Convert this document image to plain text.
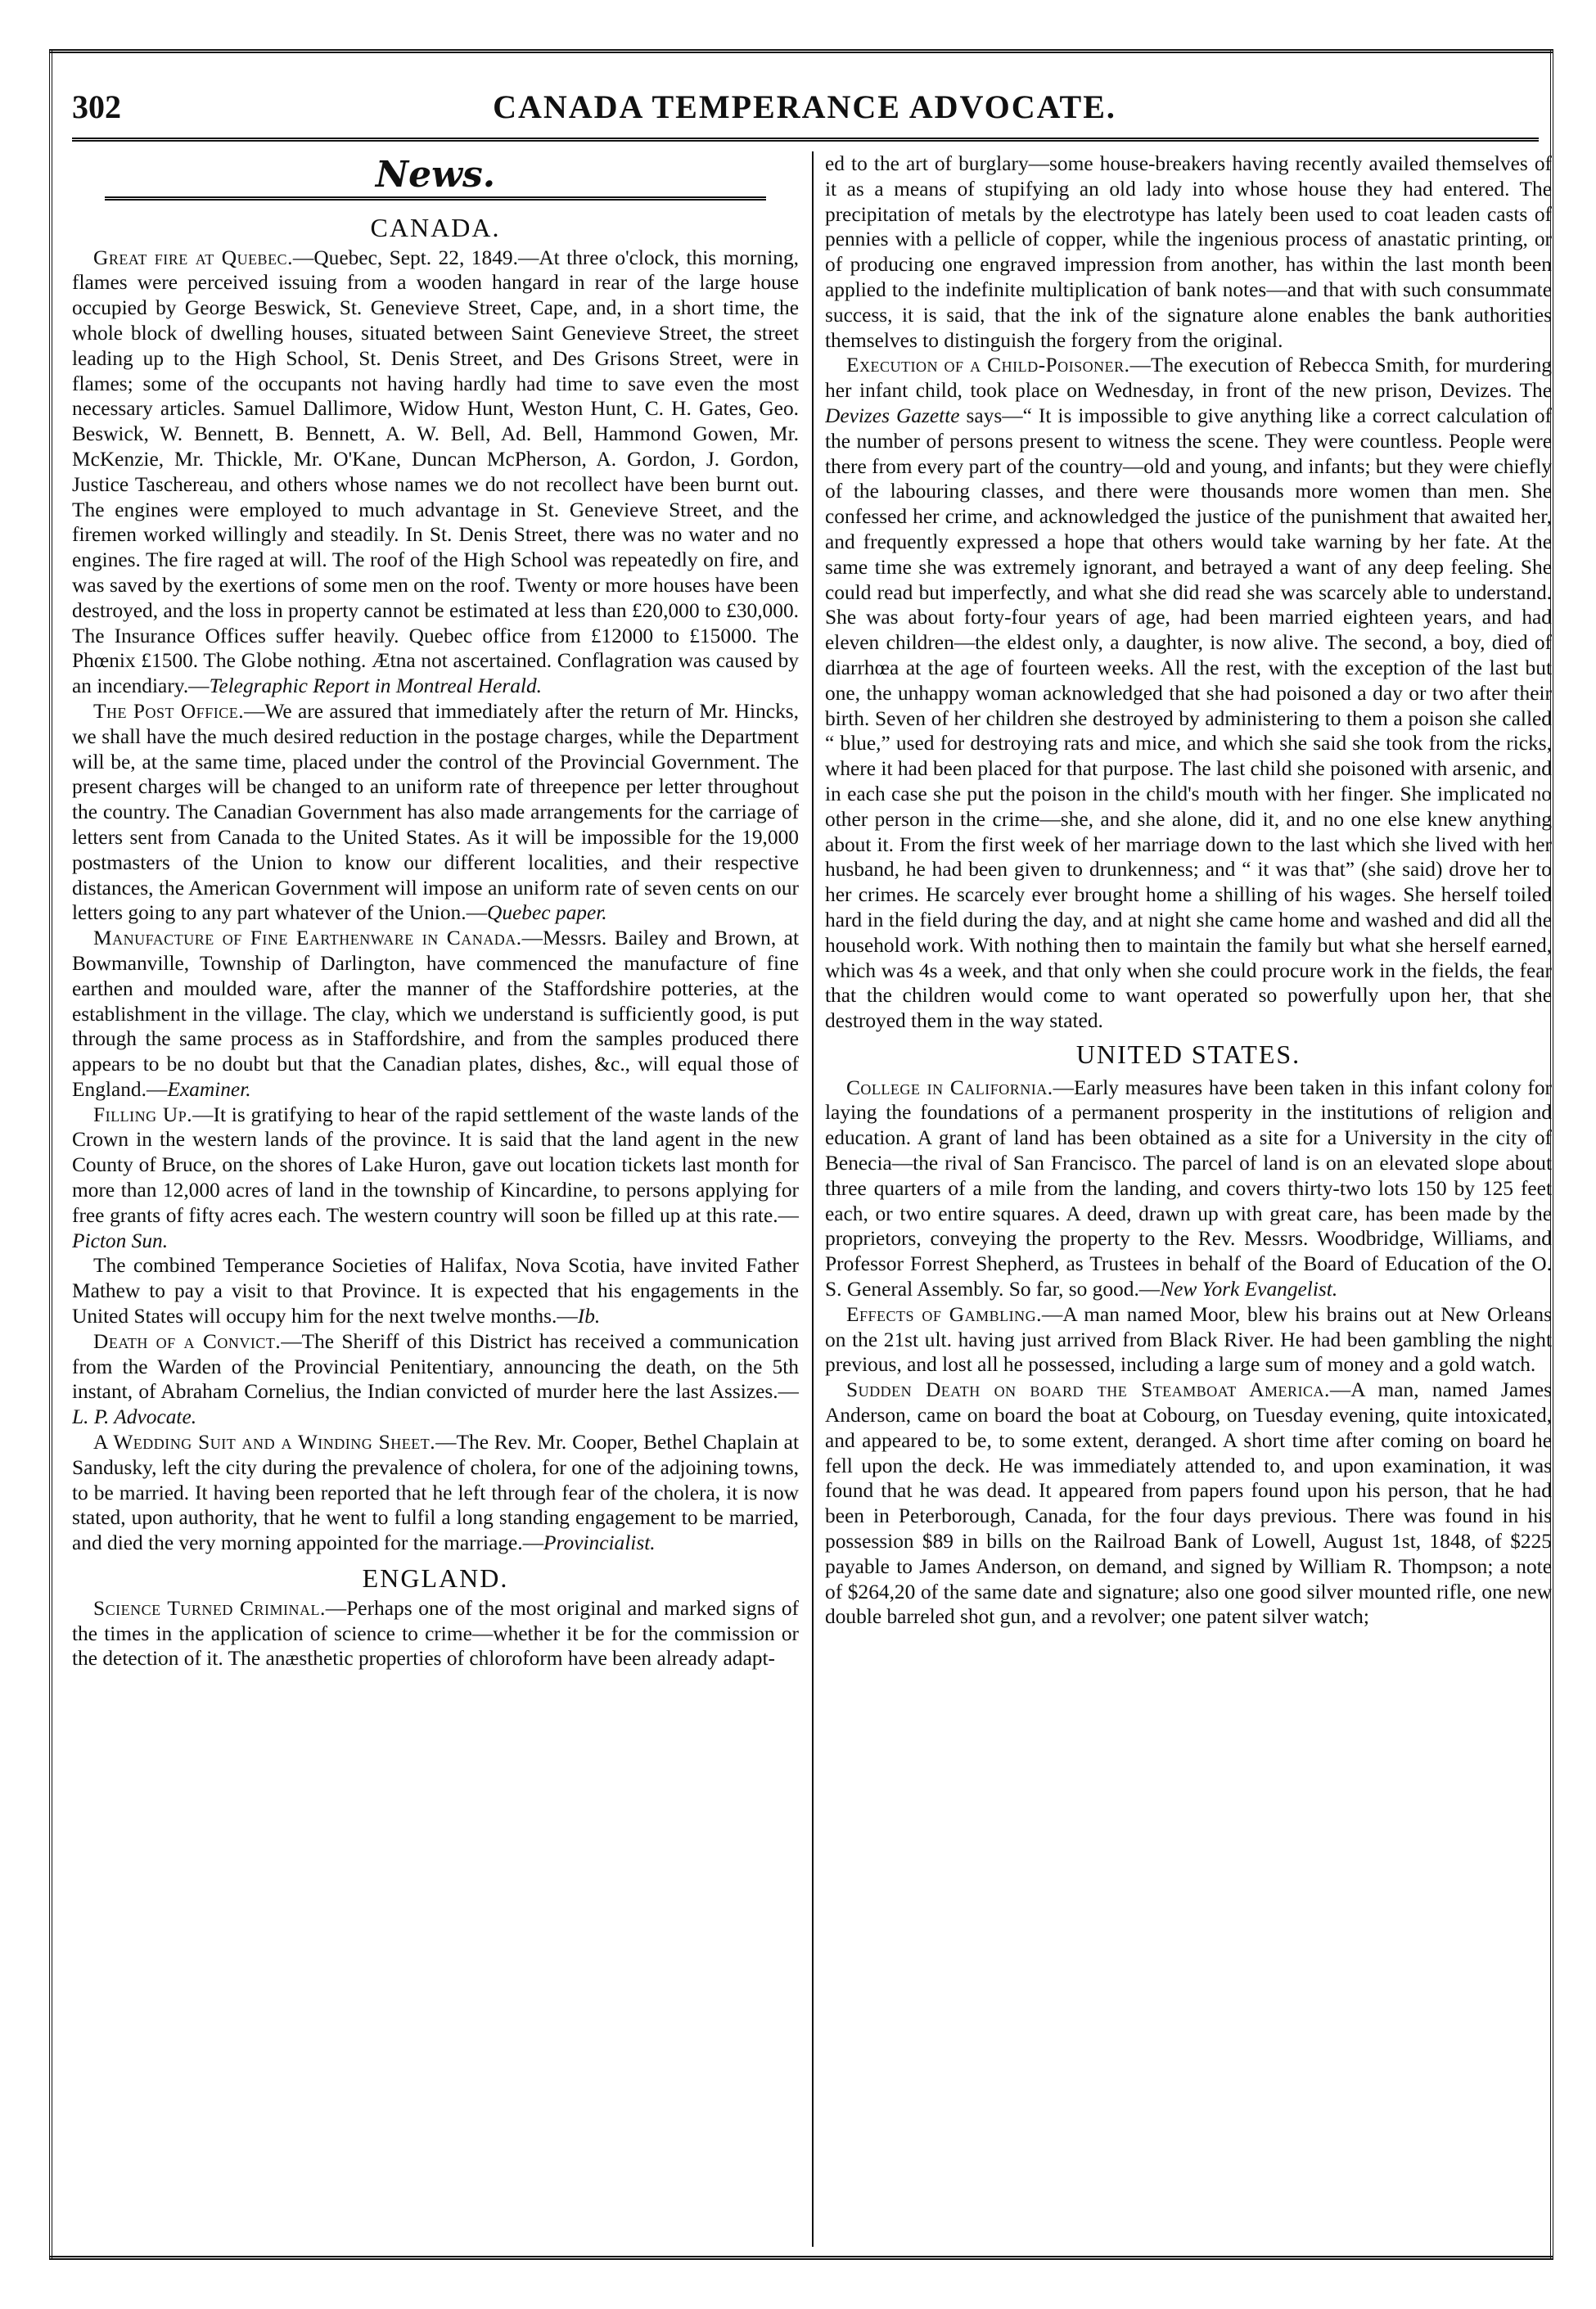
302	CANADA TEMPERANCE ADVOCATE.
News.
CANADA.

Great fire at Quebec.—Quebec, Sept. 22, 1849.—At three o'clock, this morning, flames were perceived issuing from a wooden hangard in rear of the large house occupied by George Beswick, St. Genevieve Street, Cape, and, in a short time, the whole block of dwelling houses, situated between Saint Genevieve Street, the street leading up to the High School, St. Denis Street, and Des Grisons Street, were in flames; some of the occupants not having hardly had time to save even the most necessary articles. Samuel Dallimore, Widow Hunt, Weston Hunt, C. H. Gates, Geo. Beswick, W. Bennett, B. Bennett, A. W. Bell, Ad. Bell, Hammond Gowen, Mr. McKenzie, Mr. Thickle, Mr. O'Kane, Duncan McPherson, A. Gordon, J. Gordon, Justice Taschereau, and others whose names we do not recollect have been burnt out. The engines were employed to much advantage in St. Genevieve Street, and the firemen worked willingly and steadily. In St. Denis Street, there was no water and no engines. The fire raged at will. The roof of the High School was repeatedly on fire, and was saved by the exertions of some men on the roof. Twenty or more houses have been destroyed, and the loss in property cannot be estimated at less than £20,000 to £30,000. The Insurance Offices suffer heavily. Quebec office from £12000 to £15000. The Phœnix £1500. The Globe nothing. Ætna not ascertained. Conflagration was caused by an incendiary.—Telegraphic Report in Montreal Herald.

The Post Office.—We are assured that immediately after the return of Mr. Hincks, we shall have the much desired reduction in the postage charges, while the Department will be, at the same time, placed under the control of the Provincial Government. The present charges will be changed to an uniform rate of threepence per letter throughout the country. The Canadian Government has also made arrangements for the carriage of letters sent from Canada to the United States. As it will be impossible for the 19,000 postmasters of the Union to know our different localities, and their respective distances, the American Government will impose an uniform rate of seven cents on our letters going to any part whatever of the Union.—Quebec paper.

Manufacture of Fine Earthenware in Canada.—Messrs. Bailey and Brown, at Bowmanville, Township of Darlington, have commenced the manufacture of fine earthen and moulded ware, after the manner of the Staffordshire potteries, at the establishment in the village. The clay, which we understand is sufficiently good, is put through the same process as in Staffordshire, and from the samples produced there appears to be no doubt but that the Canadian plates, dishes, &c., will equal those of England.—Examiner.

Filling Up.—It is gratifying to hear of the rapid settlement of the waste lands of the Crown in the western lands of the province. It is said that the land agent in the new County of Bruce, on the shores of Lake Huron, gave out location tickets last month for more than 12,000 acres of land in the township of Kincardine, to persons applying for free grants of fifty acres each. The western country will soon be filled up at this rate.—Picton Sun.

The combined Temperance Societies of Halifax, Nova Scotia, have invited Father Mathew to pay a visit to that Province. It is expected that his engagements in the United States will occupy him for the next twelve months.—Ib.

Death of a Convict.—The Sheriff of this District has received a communication from the Warden of the Provincial Penitentiary, announcing the death, on the 5th instant, of Abraham Cornelius, the Indian convicted of murder here the last Assizes.—L. P. Advocate.

A Wedding Suit and a Winding Sheet.—The Rev. Mr. Cooper, Bethel Chaplain at Sandusky, left the city during the prevalence of cholera, for one of the adjoining towns, to be married. It having been reported that he left through fear of the cholera, it is now stated, upon authority, that he went to fulfil a long standing engagement to be married, and died the very morning appointed for the marriage.—Provincialist.

ENGLAND.

Science Turned Criminal.—Perhaps one of the most original and marked signs of the times in the application of science to crime—whether it be for the commission or the detection of it. The anæsthetic properties of chloroform have been already adapt-

ed to the art of burglary—some house-breakers having recently availed themselves of it as a means of stupifying an old lady into whose house they had entered. The precipitation of metals by the electrotype has lately been used to coat leaden casts of pennies with a pellicle of copper, while the ingenious process of anastatic printing, or of producing one engraved impression from another, has within the last month been applied to the indefinite multiplication of bank notes—and that with such consummate success, it is said, that the ink of the signature alone enables the bank authorities themselves to distinguish the forgery from the original.

Execution of a Child-Poisoner.—The execution of Rebecca Smith, for murdering her infant child, took place on Wednesday, in front of the new prison, Devizes. The Devizes Gazette says—“ It is impossible to give anything like a correct calculation of the number of persons present to witness the scene. They were countless. People were there from every part of the country—old and young, and infants; but they were chiefly of the labouring classes, and there were thousands more women than men. She confessed her crime, and acknowledged the justice of the punishment that awaited her, and frequently expressed a hope that others would take warning by her fate. At the same time she was extremely ignorant, and betrayed a want of any deep feeling. She could read but imperfectly, and what she did read she was scarcely able to understand. She was about forty-four years of age, had been married eighteen years, and had eleven children—the eldest only, a daughter, is now alive. The second, a boy, died of diarrhœa at the age of fourteen weeks. All the rest, with the exception of the last but one, the unhappy woman acknowledged that she had poisoned a day or two after their birth. Seven of her children she destroyed by administering to them a poison she called “ blue,” used for destroying rats and mice, and which she said she took from the ricks, where it had been placed for that purpose. The last child she poisoned with arsenic, and in each case she put the poison in the child's mouth with her finger. She implicated no other person in the crime—she, and she alone, did it, and no one else knew anything about it. From the first week of her marriage down to the last which she lived with her husband, he had been given to drunkenness; and “ it was that” (she said) drove her to her crimes. He scarcely ever brought home a shilling of his wages. She herself toiled hard in the field during the day, and at night she came home and washed and did all the household work. With nothing then to maintain the family but what she herself earned, which was 4s a week, and that only when she could procure work in the fields, the fear that the children would come to want operated so powerfully upon her, that she destroyed them in the way stated.

UNITED STATES.

College in California.—Early measures have been taken in this infant colony for laying the foundations of a permanent prosperity in the institutions of religion and education. A grant of land has been obtained as a site for a University in the city of Benecia—the rival of San Francisco. The parcel of land is on an elevated slope about three quarters of a mile from the landing, and covers thirty-two lots 150 by 125 feet each, or two entire squares. A deed, drawn up with great care, has been made by the proprietors, conveying the property to the Rev. Messrs. Woodbridge, Williams, and Professor Forrest Shepherd, as Trustees in behalf of the Board of Education of the O. S. General Assembly. So far, so good.—New York Evangelist.

Effects of Gambling.—A man named Moor, blew his brains out at New Orleans on the 21st ult. having just arrived from Black River. He had been gambling the night previous, and lost all he possessed, including a large sum of money and a gold watch.

Sudden Death on board the Steamboat America.—A man, named James Anderson, came on board the boat at Cobourg, on Tuesday evening, quite intoxicated, and appeared to be, to some extent, deranged. A short time after coming on board he fell upon the deck. He was immediately attended to, and upon examination, it was found that he was dead. It appeared from papers found upon his person, that he had been in Peterborough, Canada, for the four days previous. There was found in his possession $89 in bills on the Railroad Bank of Lowell, August 1st, 1848, of $225 payable to James Anderson, on demand, and signed by William R. Thompson; a note of $264,20 of the same date and signature; also one good silver mounted rifle, one new double barreled shot gun, and a revolver; one patent silver watch;
